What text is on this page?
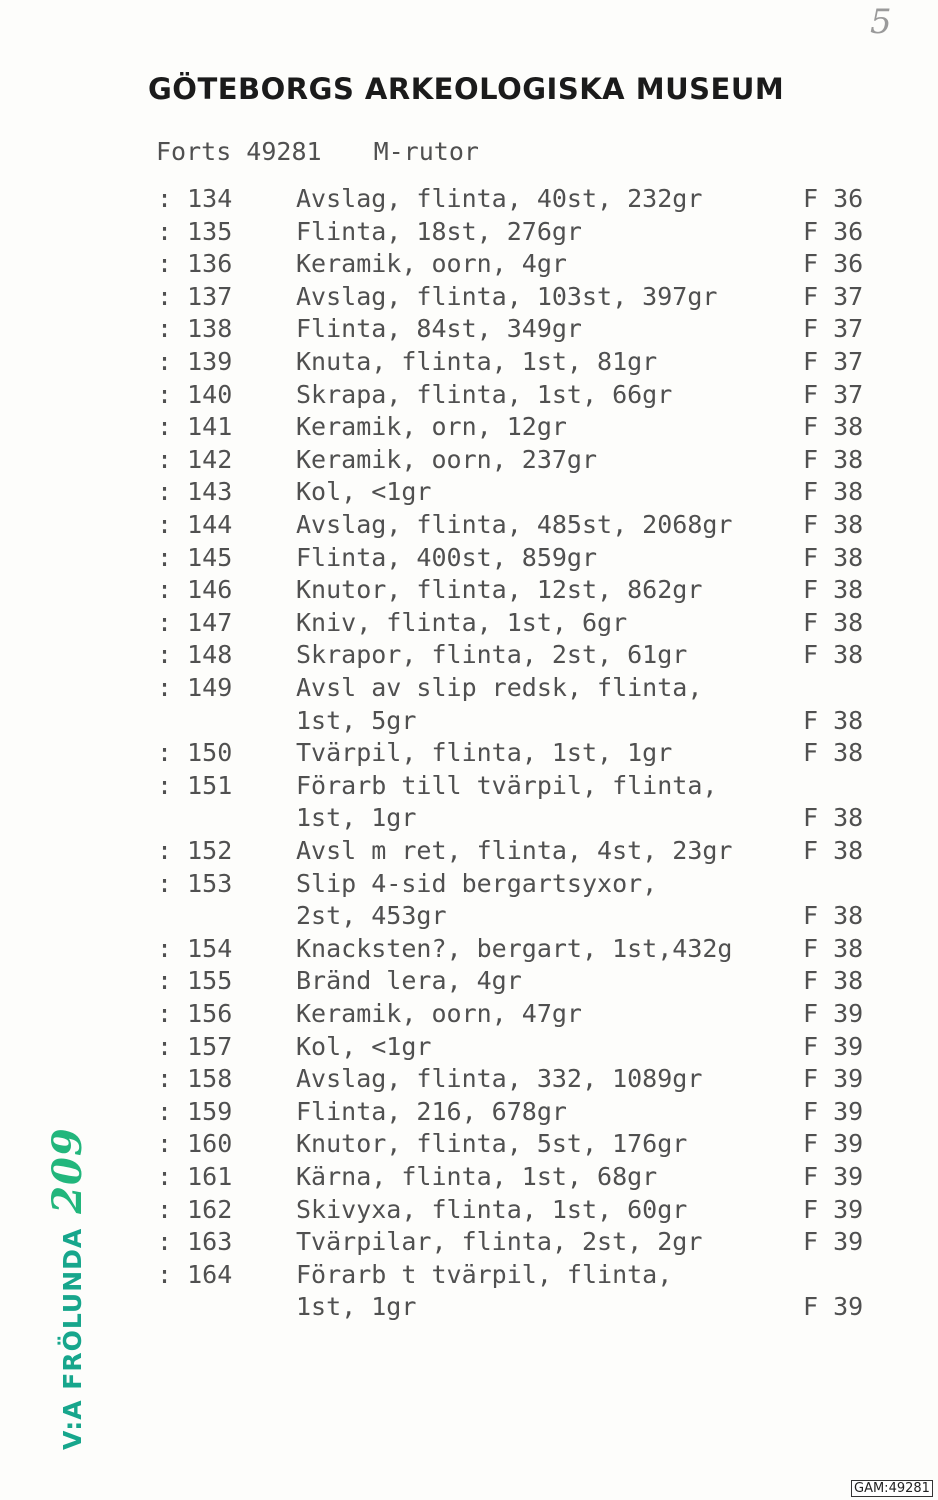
5
GÖTEBORGS ARKEOLOGISKA MUSEUM
Forts 49281 M-rutor
: 134	Avslag, flinta, 40st, 232gr	F 36
: 135	Flinta, 18st, 276gr	F 36
: 136	Keramik, oorn, 4gr	F 36
: 137	Avslag, flinta, 103st, 397gr	F 37
: 138	Flinta, 84st, 349gr	F 37
: 139	Knuta, flinta, 1st, 81gr	F 37
: 140	Skrapa, flinta, 1st, 66gr	F 37
: 141	Keramik, orn, 12gr	F 38
: 142	Keramik, oorn, 237gr	F 38
: 143	Kol, <1gr	F 38
: 144	Avslag, flinta, 485st, 2068gr	F 38
: 145	Flinta, 400st, 859gr	F 38
: 146	Knutor, flinta, 12st, 862gr	F 38
: 147	Kniv, flinta, 1st, 6gr	F 38
: 148	Skrapor, flinta, 2st, 61gr	F 38
: 149	Avsl av slip redsk, flinta,
1st, 5gr	F 38
: 150	Tvärpil, flinta, 1st, 1gr	F 38
: 151	Förarb till tvärpil, flinta,
1st, 1gr	F 38
: 152	Avsl m ret, flinta, 4st, 23gr	F 38
: 153	Slip 4-sid bergartsyxor,
2st, 453gr	F 38
: 154	Knacksten?, bergart, 1st,432g	F 38
: 155	Bränd lera, 4gr	F 38
: 156	Keramik, oorn, 47gr	F 39
: 157	Kol, <1gr	F 39
: 158	Avslag, flinta, 332, 1089gr	F 39
: 159	Flinta, 216, 678gr	F 39
: 160	Knutor, flinta, 5st, 176gr	F 39
: 161	Kärna, flinta, 1st, 68gr	F 39
: 162	Skivyxa, flinta, 1st, 60gr	F 39
: 163	Tvärpilar, flinta, 2st, 2gr	F 39
: 164	Förarb t tvärpil, flinta,
1st, 1gr	F 39
V:A FRÖLUNDA209
GAM:49281
